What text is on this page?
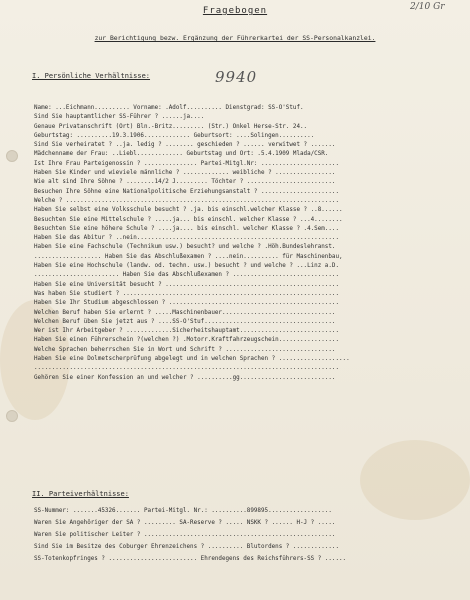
Fragebogen
zur Berichtigung bezw. Ergänzung der Führerkartei der SS-Personalkanzlei.
2/10 Gr
I. Persönliche Verhältnisse:	9940
Name: ...Eichmann.......... Vorname: .Adolf.......... Dienstgrad: SS-O'Stuf.
Sind Sie hauptamtlicher SS-Führer ? ......ja....
Genaue Privatanschrift (Ort) Bln.-Britz......... (Str.) Onkel Herse-Str. 24..
Geburtstag: ..........19.3.1906............. Geburtsort: ....Solingen..........
Sind Sie verheiratet ? ..ja. ledig ? ........ geschieden ? ...... verwitwet ? .......
Mädchenname der Frau: ..Liebl............. Geburtstag und Ort: .5.4.1909 Mlada/CSR.
Ist Ihre Frau Parteigenossin ? ............... Partei-Mitgl.Nr: ......................
Haben Sie Kinder und wieviele männliche ? ............. weibliche ? .................
Wie alt sind Ihre Söhne ? ........14/2 J......... Töchter ? .........................
Besuchen Ihre Söhne eine Nationalpolitische Erziehungsanstalt ? ......................
Welche ? .............................................................................
Haben Sie selbst eine Volksschule besucht ? .ja. bis einschl.welcher Klasse ? ..8......
Besuchten Sie eine Mittelschule ? .....ja... bis einschl. welcher Klasse ? ...4........
Besuchten Sie eine höhere Schule ? ....ja.... bis einschl. welcher Klasse ? .4.Sem....
Haben Sie das Abitur ? ..nein.........................................................
Haben Sie eine Fachschule (Technikum usw.) besucht? und welche ? .Höh.Bundeslehranst.
................... Haben Sie das Abschlußexamen ? ....nein.......... für Maschinenbau,
Haben Sie eine Hochschule (landw. od. techn. usw.) besucht ? und welche ? ...Linz a.D.
........................ Haben Sie das Abschlußexamen ? ..............................
Haben Sie eine Universität besucht ? .................................................
Was haben Sie studiert ? .............................................................
Haben Sie Ihr Studium abgeschlossen ? ................................................
Welchen Beruf haben Sie erlernt ? .....Maschinenbauer................................
Welchen Beruf üben Sie jetzt aus ? ....SS-O'Stuf.....................................
Wer ist Ihr Arbeitgeber ? .............Sicherheitshauptamt............................
Haben Sie einen Führerschein ?(welchen ?) .Motorr.Kraftfahrzeugschein.................
Welche Sprachen beherrschen Sie in Wort und Schrift ? ...............................
Haben Sie eine Dolmetscherprüfung abgelegt und in welchen Sprachen ? ....................
......................................................................................
Gehören Sie einer Konfession an und welcher ? ..........gg...........................
II. Parteiverhältnisse:
SS-Nummer: .......45326....... Partei-Mitgl. Nr.: ..........899895..................
Waren Sie Angehöriger der SA ? ......... SA-Reserve ? ..... NSKK ? ...... H-J ? .....
Waren Sie politischer Leiter ? ......................................................
Sind Sie im Besitze des Coburger Ehrenzeichens ? .......... Blutordens ? .............
SS-Totenkopfringes ? ......................... Ehrendegens des Reichsführers-SS ? ......
